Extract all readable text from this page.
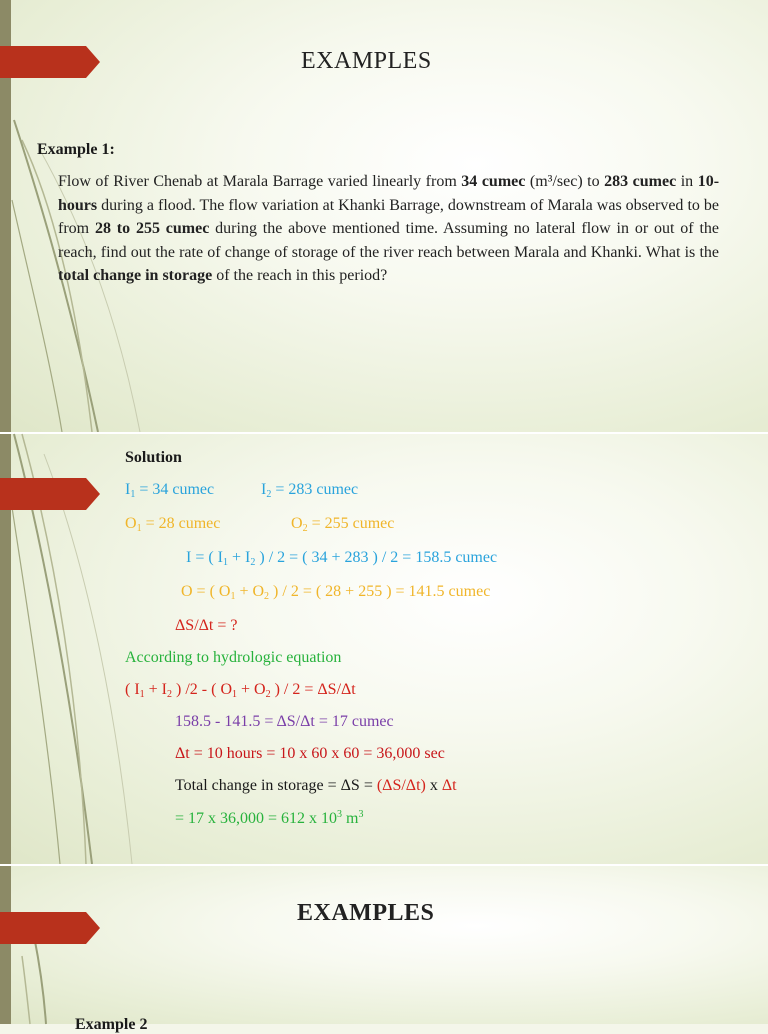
EXAMPLES
Example 1:
Flow of River Chenab at Marala Barrage varied linearly from 34 cumec (m³/sec) to 283 cumec in 10-hours during a flood. The flow variation at Khanki Barrage, downstream of Marala was observed to be from 28 to 255 cumec during the above mentioned time. Assuming no lateral flow in or out of the reach, find out the rate of change of storage of the river reach between Marala and Khanki. What is the total change in storage of the reach in this period?
Solution
$I_1 = 34$ cumec	$I_2 = 283$ cumec
$O_1 = 28$ cumec	$O_2 = 255$ cumec
I = ( $I_1 + I_2$ ) / 2 = ( 34 + 283 ) / 2 = 158.5 cumec
O = ( $O_1 + O_2$ ) / 2 = ( 28 + 255 ) = 141.5 cumec
ΔS/Δt = ?
According to hydrologic equation
( $I_1 + I_2$ ) /2 - ( $O_1 + O_2$ ) / 2 = ΔS/Δt
158.5 - 141.5 = ΔS/Δt = 17 cumec
Δt = 10 hours = 10 x 60 x 60 = 36,000 sec
Total change in storage = ΔS = (ΔS/Δt) x Δt
= 17 x 36,000 = 612 x $10^3$ $m^3$
EXAMPLES
Example 2
